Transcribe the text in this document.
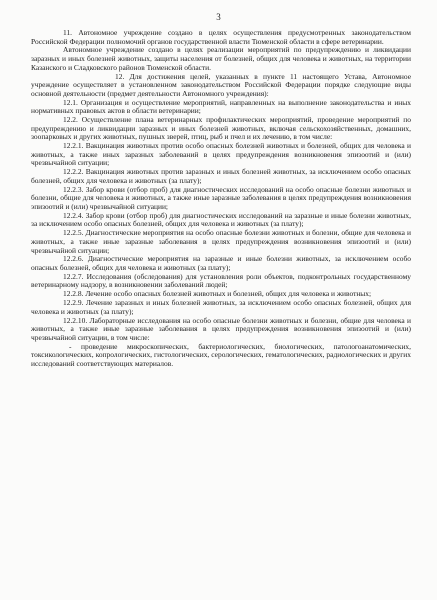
3

11. Автономное учреждение создано в целях осуществления предусмотренных законодательством Российской Федерации полномочий органов государственной власти Тюменской области в сфере ветеринарии.

Автономное учреждение создано в целях реализации мероприятий по предупреждению и ликвидации заразных и иных болезней животных, защиты населения от болезней, общих для человека и животных, на территории Казанского и Сладковского районов Тюменской области.

12. Для достижения целей, указанных в пункте 11 настоящего Устава, Автономное учреждение осуществляет в установленном законодательством Российской Федерации порядке следующие виды основной деятельности (предмет деятельности Автономного учреждения):

12.1. Организация и осуществление мероприятий, направленных на выполнение законодательства и иных нормативных правовых актов в области ветеринарии;

12.2. Осуществление плана ветеринарных профилактических мероприятий, проведение мероприятий по предупреждению и ликвидации заразных и иных болезней животных, включая сельскохозяйственных, домашних, зоопарковых и других животных, пушных зверей, птиц, рыб и пчел и их лечению, в том числе:

12.2.1. Вакцинация животных против особо опасных болезней животных и болезней, общих для человека и животных, а также иных заразных заболеваний в целях предупреждения возникновения эпизоотий и (или) чрезвычайной ситуации;

12.2.2. Вакцинация животных против заразных и иных болезней животных, за исключением особо опасных болезней, общих для человека и животных (за плату);

12.2.3. Забор крови (отбор проб) для диагностических исследований на особо опасные болезни животных и болезни, общие для человека и животных, а также иные заразные заболевания в целях предупреждения возникновения эпизоотий и (или) чрезвычайной ситуации;

12.2.4. Забор крови (отбор проб) для диагностических исследований на заразные и иные болезни животных, за исключением особо опасных болезней, общих для человека и животных (за плату);

12.2.5. Диагностические мероприятия на особо опасные болезни животных и болезни, общие для человека и животных, а также иные заразные заболевания в целях предупреждения возникновения эпизоотий и (или) чрезвычайной ситуации;

12.2.6. Диагностические мероприятия на заразные и иные болезни животных, за исключением особо опасных болезней, общих для человека и животных (за плату);

12.2.7. Исследования (обследования) для установления роли объектов, подконтрольных государственному ветеринарному надзору, в возникновении заболеваний людей;

12.2.8. Лечение особо опасных болезней животных и болезней, общих для человека и животных;

12.2.9. Лечение заразных и иных болезней животных, за исключением особо опасных болезней, общих для человека и животных (за плату);

12.2.10. Лабораторные исследования на особо опасные болезни животных и болезни, общие для человека и животных, а также иные заразные заболевания в целях предупреждения возникновения эпизоотий и (или) чрезвычайной ситуации, в том числе:

- проведение микроскопических, бактериологических, биологических, патологоанатомических, токсикологических, копрологических, гистологических, серологических, гематологических, радиологических и других исследований соответствующих материалов.
